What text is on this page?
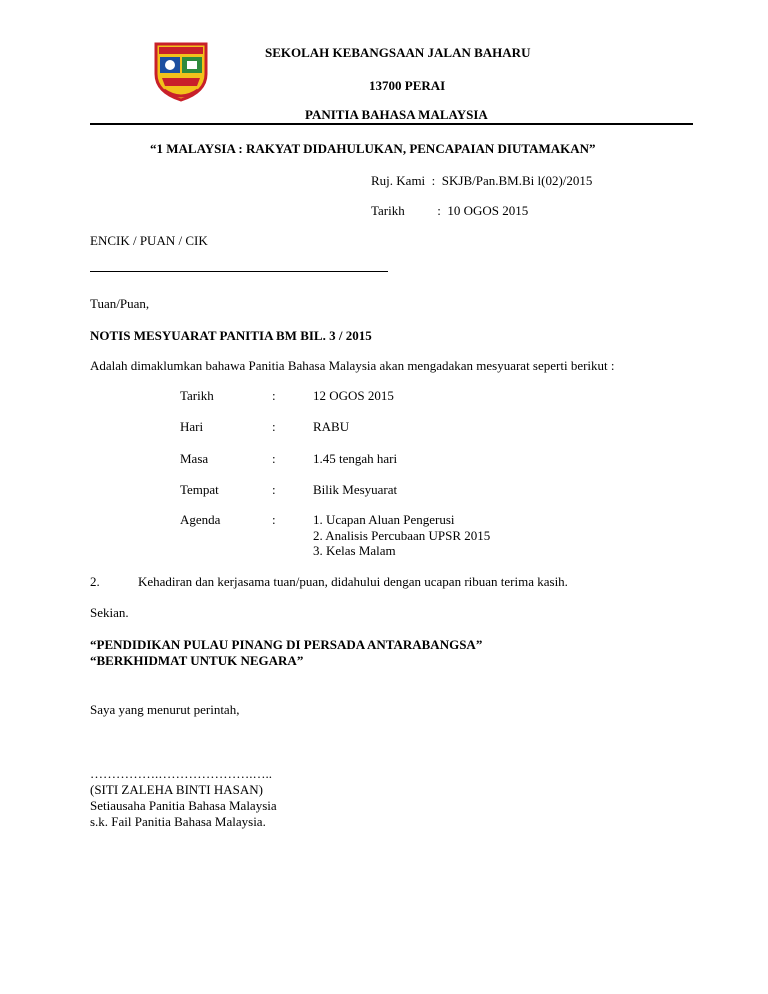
SEKOLAH KEBANGSAAN JALAN BAHARU
13700 PERAI
PANITIA BAHASA MALAYSIA
“1 MALAYSIA : RAKYAT DIDAHULUKAN, PENCAPAIAN DIUTAMAKAN”
Ruj. Kami  :  SKJB/Pan.BM.Bi l(02)/2015
Tarikh	:  10 OGOS 2015
ENCIK / PUAN / CIK
Tuan/Puan,
NOTIS MESYUARAT PANITIA BM BIL. 3 / 2015
Adalah dimaklumkan bahawa Panitia Bahasa Malaysia akan mengadakan mesyuarat seperti berikut :
Tarikh	:	12 OGOS 2015
Hari	:	RABU
Masa	:	1.45 tengah hari
Tempat	:	Bilik Mesyuarat
Agenda	:	1. Ucapan Aluan Pengerusi
2. Analisis Percubaan UPSR 2015
3. Kelas Malam
2.	Kehadiran dan kerjasama tuan/puan, didahului dengan ucapan ribuan terima kasih.
Sekian.
“PENDIDIKAN PULAU PINANG DI PERSADA ANTARABANGSA”
“BERKHIDMAT UNTUK NEGARA”
Saya yang menurut perintah,
…………….………………….…..
(SITI ZALEHA BINTI HASAN)
Setiausaha Panitia Bahasa Malaysia
s.k. Fail Panitia Bahasa Malaysia.
